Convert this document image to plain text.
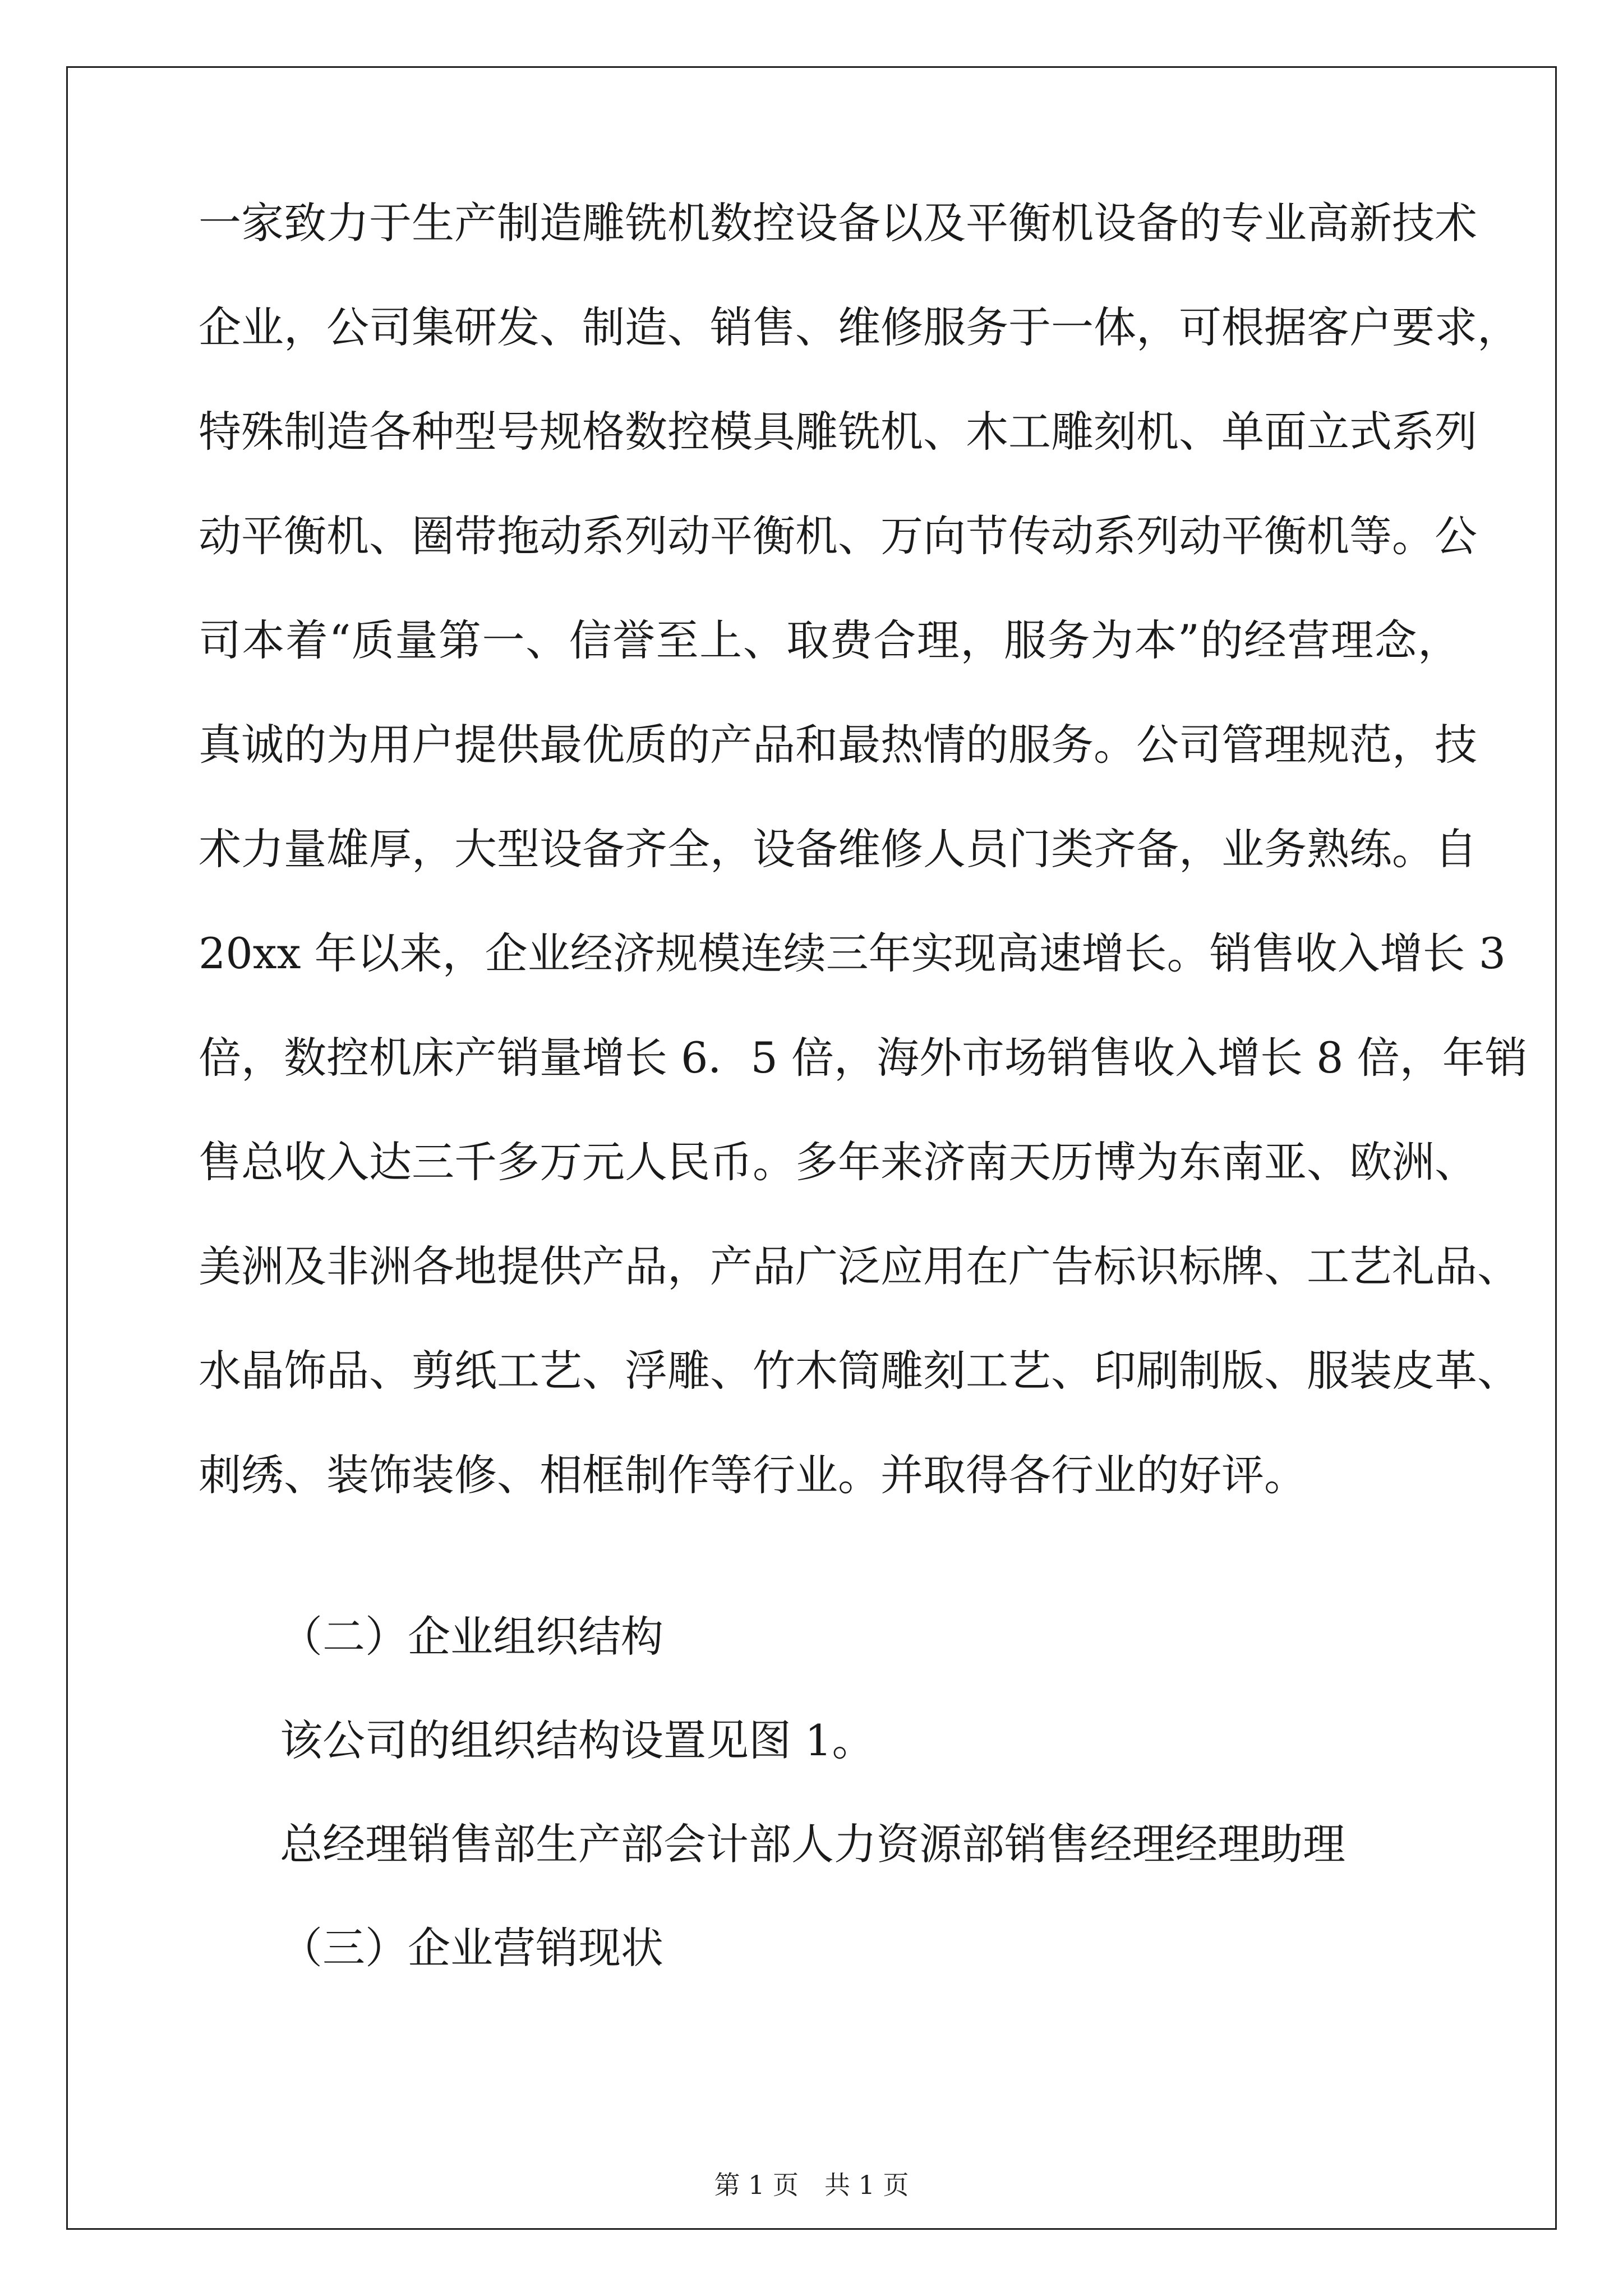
一家致力于生产制造雕铣机数控设备以及平衡机设备的专业高新技术
企业，公司集研发、制造、销售、维修服务于一体，可根据客户要求，
特殊制造各种型号规格数控模具雕铣机、木工雕刻机、单面立式系列
动平衡机、圈带拖动系列动平衡机、万向节传动系列动平衡机等。公
司本着“质量第一、信誉至上、取费合理，服务为本”的经营理念，
真诚的为用户提供最优质的产品和最热情的服务。公司管理规范，技
术力量雄厚，大型设备齐全，设备维修人员门类齐备，业务熟练。自
20xx 年以来，企业经济规模连续三年实现高速增长。销售收入增长 3
倍，数控机床产销量增长 6．5 倍，海外市场销售收入增长 8 倍，年销
售总收入达三千多万元人民币。多年来济南天历博为东南亚、欧洲、
美洲及非洲各地提供产品，产品广泛应用在广告标识标牌、工艺礼品、
水晶饰品、剪纸工艺、浮雕、竹木筒雕刻工艺、印刷制版、服装皮革、
刺绣、装饰装修、相框制作等行业。并取得各行业的好评。
（二）企业组织结构
该公司的组织结构设置见图 1。
总经理销售部生产部会计部人力资源部销售经理经理助理
（三）企业营销现状
第 1 页　共 1 页
